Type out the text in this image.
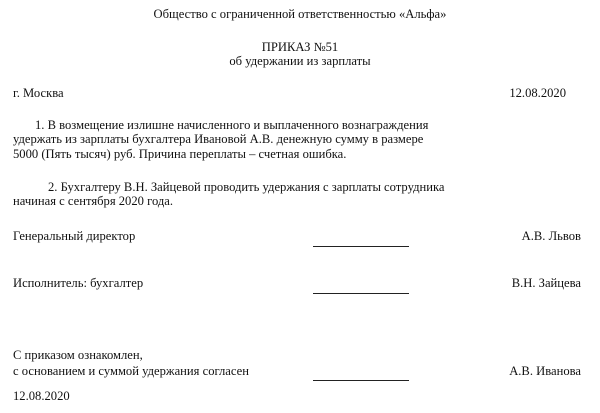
Общество с ограниченной ответственностью «Альфа»
ПРИКАЗ №51
об удержании из зарплаты
г. Москва	12.08.2020
1. В возмещение излишне начисленного и выплаченного вознаграждения
удержать из зарплаты бухгалтера Ивановой А.В. денежную сумму в размере
5000 (Пять тысяч) руб. Причина переплаты – счетная ошибка.
2. Бухгалтеру В.Н. Зайцевой проводить удержания с зарплаты сотрудника
начиная с сентября 2020 года.
Генеральный директор	А.В. Львов
Исполнитель: бухгалтер	В.Н. Зайцева
С приказом ознакомлен,
с основанием и суммой удержания согласен	А.В. Иванова
12.08.2020
